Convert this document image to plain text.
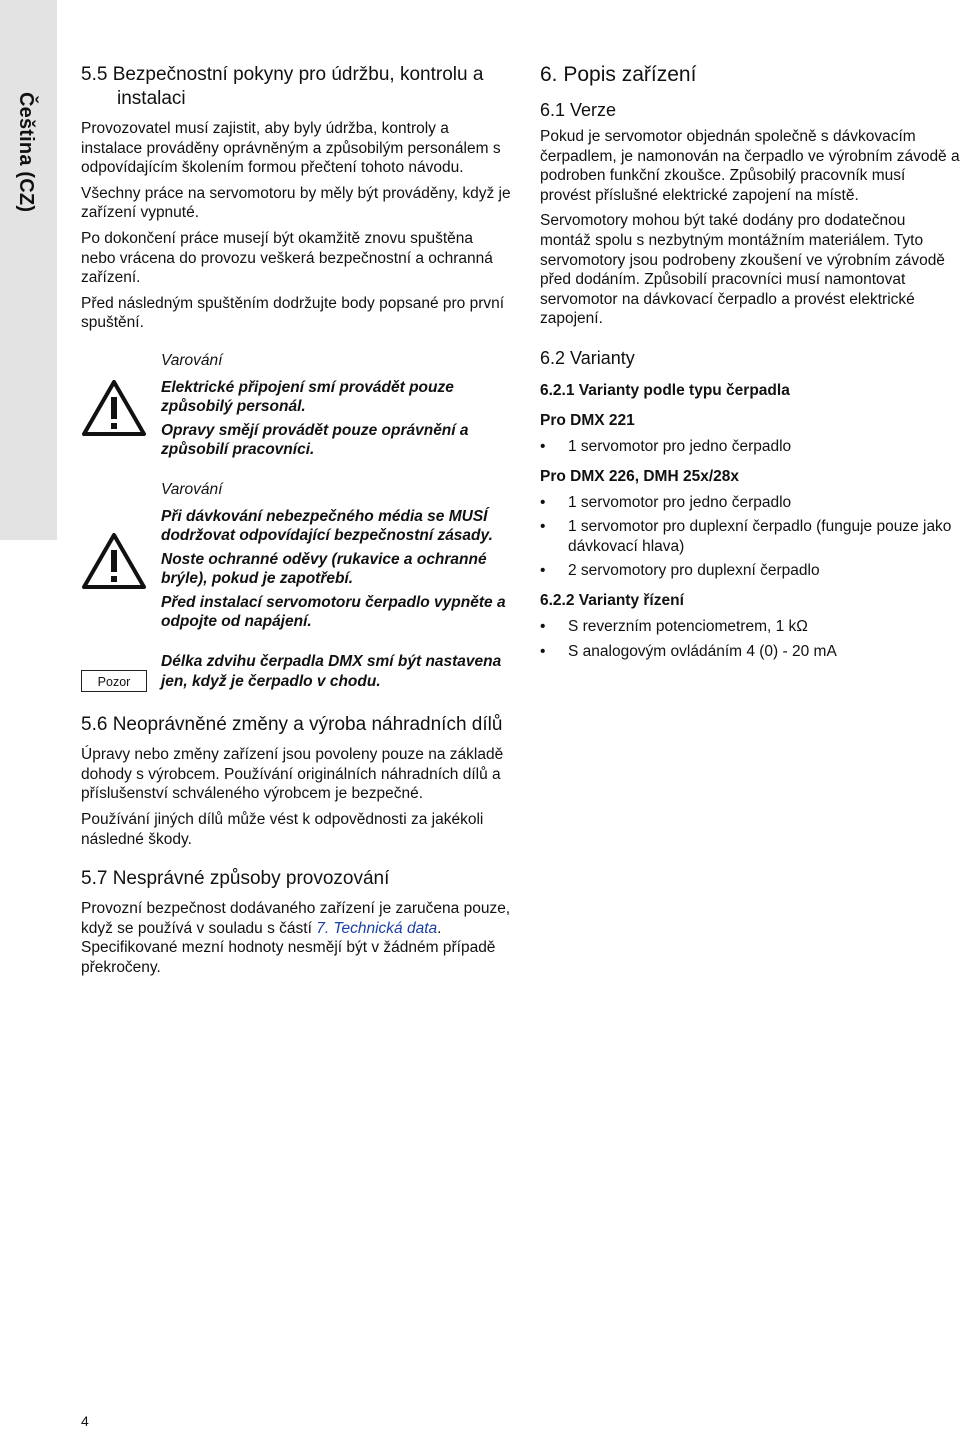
Čeština (CZ)
5.5 Bezpečnostní pokyny pro údržbu, kontrolu a instalaci

Provozovatel musí zajistit, aby byly údržba, kontroly a instalace prováděny oprávněným a způsobilým personálem s odpovídajícím školením formou přečtení tohoto návodu.

Všechny práce na servomotoru by měly být prováděny, když je zařízení vypnuté.

Po dokončení práce musejí být okamžitě znovu spuštěna nebo vrácena do provozu veškerá bezpečnostní a ochranná zařízení.

Před následným spuštěním dodržujte body popsané pro první spuštění.

Varování

Elektrické připojení smí provádět pouze způsobilý personál.

Opravy smějí provádět pouze oprávnění a způsobilí pracovníci.

Varování

Při dávkování nebezpečného média se MUSÍ dodržovat odpovídající bezpečnostní zásady.

Noste ochranné oděvy (rukavice a ochranné brýle), pokud je zapotřebí.

Před instalací servomotoru čerpadlo vypněte a odpojte od napájení.

Pozor

Délka zdvihu čerpadla DMX smí být nastavena jen, když je čerpadlo v chodu.

5.6 Neoprávněné změny a výroba náhradních dílů

Úpravy nebo změny zařízení jsou povoleny pouze na základě dohody s výrobcem. Používání originálních náhradních dílů a příslušenství schváleného výrobcem je bezpečné.

Používání jiných dílů může vést k odpovědnosti za jakékoli následné škody.

5.7 Nesprávné způsoby provozování

Provozní bezpečnost dodávaného zařízení je zaručena pouze, když se používá v souladu s částí 7. Technická data. Specifikované mezní hodnoty nesmějí být v žádném případě překročeny.

6. Popis zařízení
6.1 Verze

Pokud je servomotor objednán společně s dávkovacím čerpadlem, je namonován na čerpadlo ve výrobním závodě a podroben funkční zkoušce. Způsobilý pracovník musí provést příslušné elektrické zapojení na místě.

Servomotory mohou být také dodány pro dodatečnou montáž spolu s nezbytným montážním materiálem. Tyto servomotory jsou podrobeny zkoušení ve výrobním závodě před dodáním. Způsobilí pracovníci musí namontovat servomotor na dávkovací čerpadlo a provést elektrické zapojení.

6.2 Varianty
6.2.1 Varianty podle typu čerpadla
Pro DMX 221
• 1 servomotor pro jedno čerpadlo
Pro DMX 226, DMH 25x/28x
• 1 servomotor pro jedno čerpadlo
• 1 servomotor pro duplexní čerpadlo (funguje pouze jako dávkovací hlava)
• 2 servomotory pro duplexní čerpadlo
6.2.2 Varianty řízení
• S reverzním potenciometrem, 1 kΩ
• S analogovým ovládáním 4 (0) - 20 mA
4
